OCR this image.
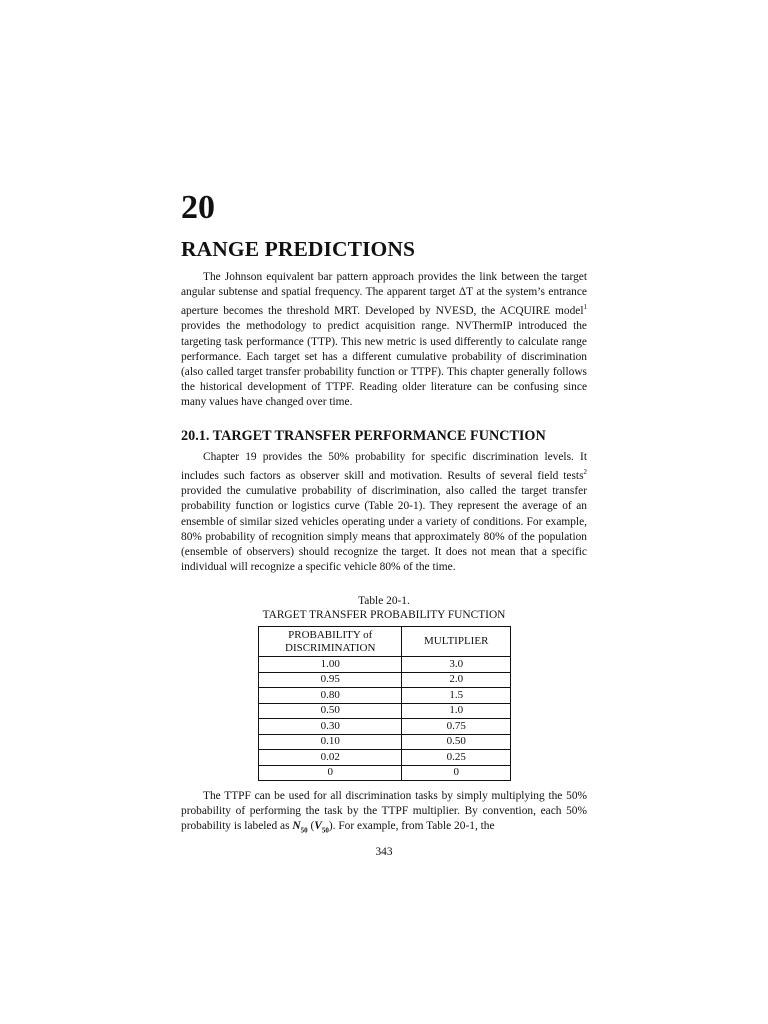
20
RANGE PREDICTIONS

The Johnson equivalent bar pattern approach provides the link between the target angular subtense and spatial frequency. The apparent target ΔT at the system’s entrance aperture becomes the threshold MRT. Developed by NVESD, the ACQUIRE model$^1$ provides the methodology to predict acquisition range. NVThermIP introduced the targeting task performance (TTP). This new metric is used differently to calculate range performance. Each target set has a different cumulative probability of discrimination (also called target transfer probability function or TTPF). This chapter generally follows the historical development of TTPF. Reading older literature can be confusing since many values have changed over time.

20.1. TARGET TRANSFER PERFORMANCE FUNCTION

Chapter 19 provides the 50% probability for specific discrimination levels. It includes such factors as observer skill and motivation. Results of several field tests$^2$ provided the cumulative probability of discrimination, also called the target transfer probability function or logistics curve (Table 20-1). They represent the average of an ensemble of similar sized vehicles operating under a variety of conditions. For example, 80% probability of recognition simply means that approximately 80% of the population (ensemble of observers) should recognize the target. It does not mean that a specific individual will recognize a specific vehicle 80% of the time.

Table 20-1.

TARGET TRANSFER PROBABILITY FUNCTION

PROBABILITY of
DISCRIMINATION	MULTIPLIER
1.00	3.0
0.95	2.0
0.80	1.5
0.50	1.0
0.30	0.75
0.10	0.50
0.02	0.25
0	0

The TTPF can be used for all discrimination tasks by simply multiplying the 50% probability of performing the task by the TTPF multiplier. By convention, each 50% probability is labeled as $N_{50}$ $(V_{50})$. For example, from Table 20-1, the

343
